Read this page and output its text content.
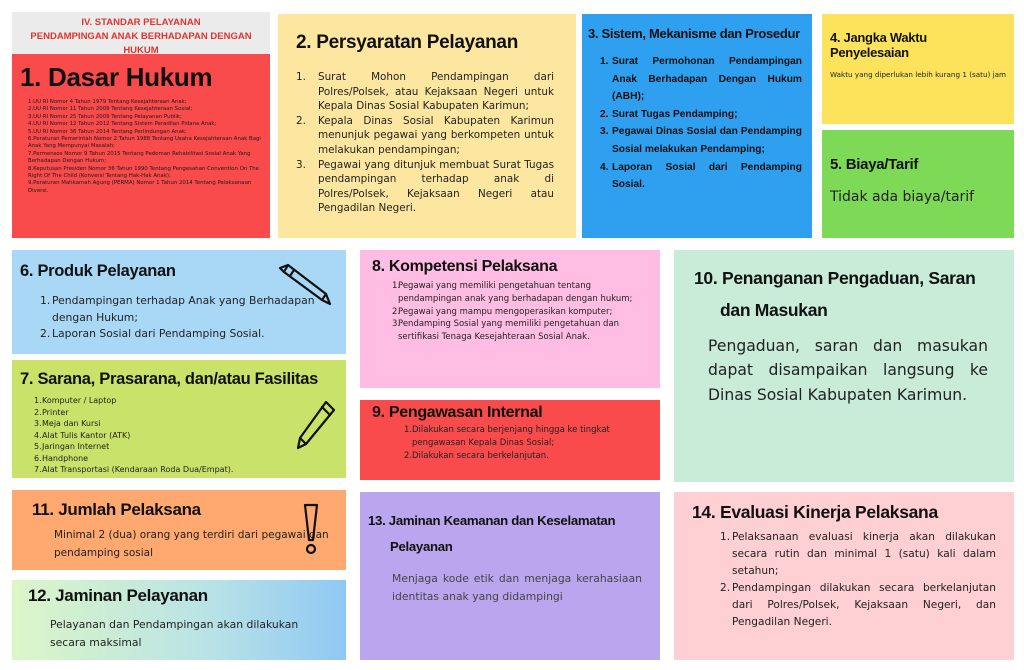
IV. STANDAR PELAYANAN
PENDAMPINGAN ANAK BERHADAPAN DENGAN HUKUM
1. Dasar Hukum
1.UU RI Nomor 4 Tahun 1979 Tentang Kesejahteraan Anak;
2.UU RI Nomor 11 Tahun 2009 Tentang Kesejahteraan Sosial;
3.UU RI Nomor 25 Tahun 2009 Tentang Pelayanan Publik;
4.UU RI Nomor 12 Tahun 2012 Tentang Sistem Peradilan Pidana Anak;
5.UU RI Nomor 36 Tahun 2014 Tentang Perlindungan Anak;
6.Peraturan Pemerintah Nomor 2 Tahun 1988 Tentang Usaha Kesejahteraan Anak Bagi Anak Yang Mempunyai Masalah;
7.Permensos Nomor 9 Tahun 2015 Tentang Pedoman Rehabilitasi Sosial Anak Yang Berhadapan Dengan Hukum;
8.Keputusan Presiden Nomor 36 Tahun 1990 Tentang Pengesahan Convention On The Right Of The Child (Konversi Tentang Hak-Hak Anak);
9.Peraturan Mahkamah Agung (PERMA) Nomor 1 Tahun 2014 Tentang Pelaksanaan Diversi.
2. Persyaratan Pelayanan
1. Surat Mohon Pendampingan dari Polres/Polsek, atau Kejaksaan Negeri untuk Kepala Dinas Sosial Kabupaten Karimun;
2. Kepala Dinas Sosial Kabupaten Karimun menunjuk pegawai yang berkompeten untuk melakukan pendampingan;
3. Pegawai yang ditunjuk membuat Surat Tugas pendampingan terhadap anak di Polres/Polsek, Kejaksaan Negeri atau Pengadilan Negeri.
3. Sistem, Mekanisme dan Prosedur
1. Surat Permohonan Pendampingan Anak Berhadapan Dengan Hukum (ABH);
2. Surat Tugas Pendamping;
3. Pegawai Dinas Sosial dan Pendamping Sosial melakukan Pendamping;
4. Laporan Sosial dari Pendamping Sosial.
4. Jangka Waktu Penyelesaian

Waktu yang diperlukan lebih kurang 1 (satu) jam

5. Biaya/Tarif

Tidak ada biaya/tarif

6. Produk Pelayanan
1. Pendampingan terhadap Anak yang Berhadapan dengan Hukum;
2. Laporan Sosial dari Pendamping Sosial.
7. Sarana, Prasarana, dan/atau Fasilitas
1. Komputer / Laptop
2. Printer
3. Meja dan Kursi
4. Alat Tulis Kantor (ATK)
5. Jaringan Internet
6. Handphone
7. Alat Transportasi (Kendaraan Roda Dua/Empat).
8. Kompetensi Pelaksana
1.
Pegawai yang memiliki pengetahuan tentang pendampingan anak yang berhadapan dengan hukum;
2.
Pegawai yang mampu mengoperasikan komputer;
3.
Pendamping Sosial yang memiliki pengetahuan dan sertifikasi Tenaga Kesejahteraan Sosial Anak.
9. Pengawasan Internal
1. Dilakukan secara berjenjang hingga ke tingkat pengawasan Kepala Dinas Sosial;
2. Dilakukan secara berkelanjutan.
10. Penanganan Pengaduan, Saran
dan Masukan

Pengaduan, saran dan masukan dapat disampaikan langsung ke Dinas Sosial Kabupaten Karimun.

11. Jumlah Pelaksana

Minimal 2 (dua) orang yang terdiri dari pegawai dan pendamping sosial

12. Jaminan Pelayanan

Pelayanan dan Pendampingan akan dilakukan secara maksimal

13. Jaminan Keamanan dan Keselamatan
Pelayanan

Menjaga kode etik dan menjaga kerahasiaan identitas anak yang didampingi

14. Evaluasi Kinerja Pelaksana
1. Pelaksanaan evaluasi kinerja akan dilakukan secara rutin dan minimal 1 (satu) kali dalam setahun;
2. Pendampingan dilakukan secara berkelanjutan dari Polres/Polsek, Kejaksaan Negeri, dan Pengadilan Negeri.
